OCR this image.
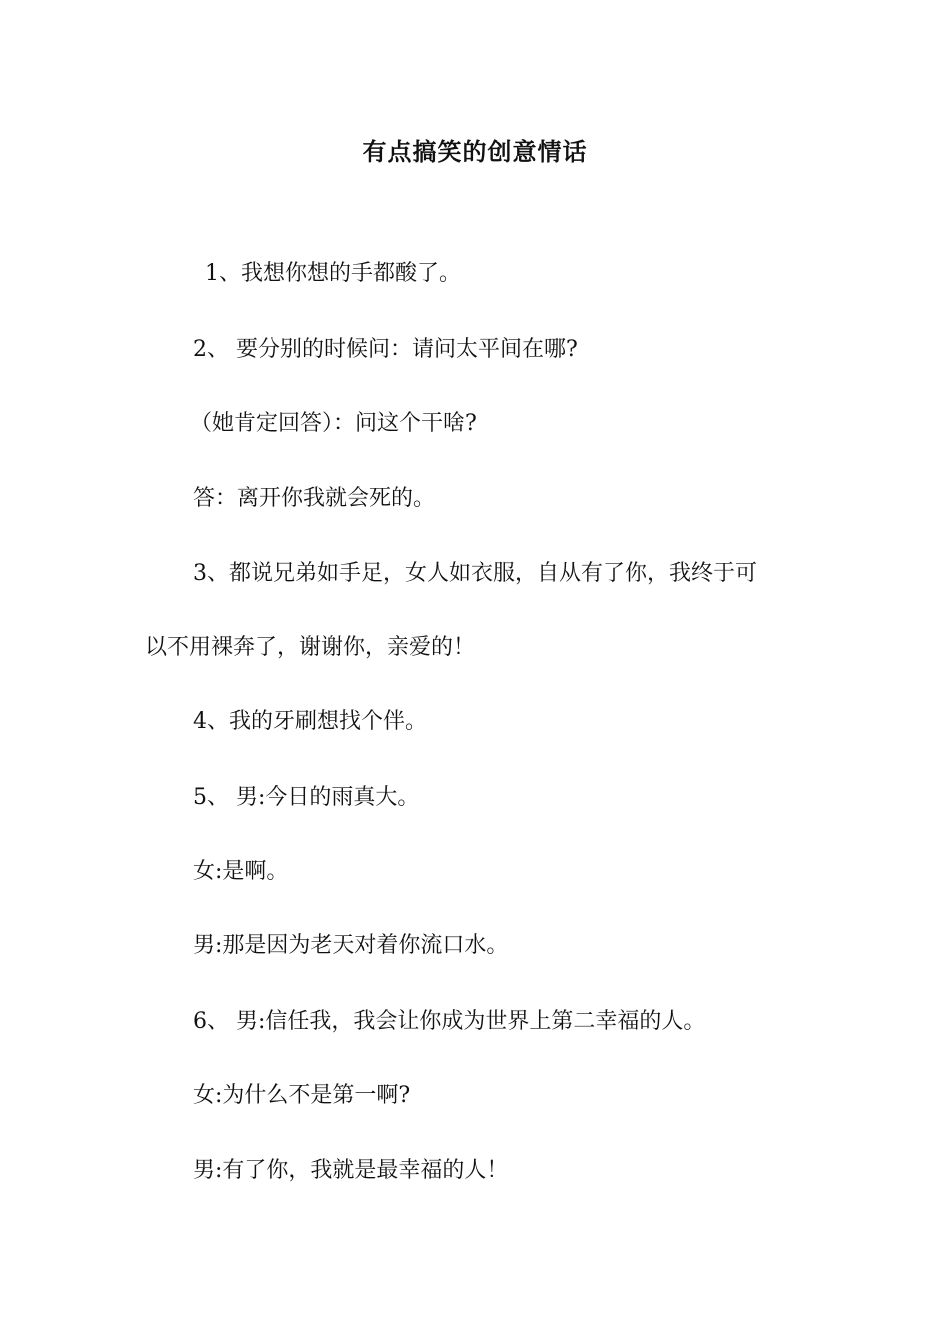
有点搞笑的创意情话
1、我想你想的手都酸了。
2、 要分别的时候问：请问太平间在哪?
（她肯定回答）：问这个干啥?
答：离开你我就会死的。
3、都说兄弟如手足，女人如衣服，自从有了你，我终于可
以不用裸奔了，谢谢你，亲爱的！
4、我的牙刷想找个伴。
5、 男:今日的雨真大。
女:是啊。
男:那是因为老天对着你流口水。
6、 男:信任我，我会让你成为世界上第二幸福的人。
女:为什么不是第一啊?
男:有了你，我就是最幸福的人！
